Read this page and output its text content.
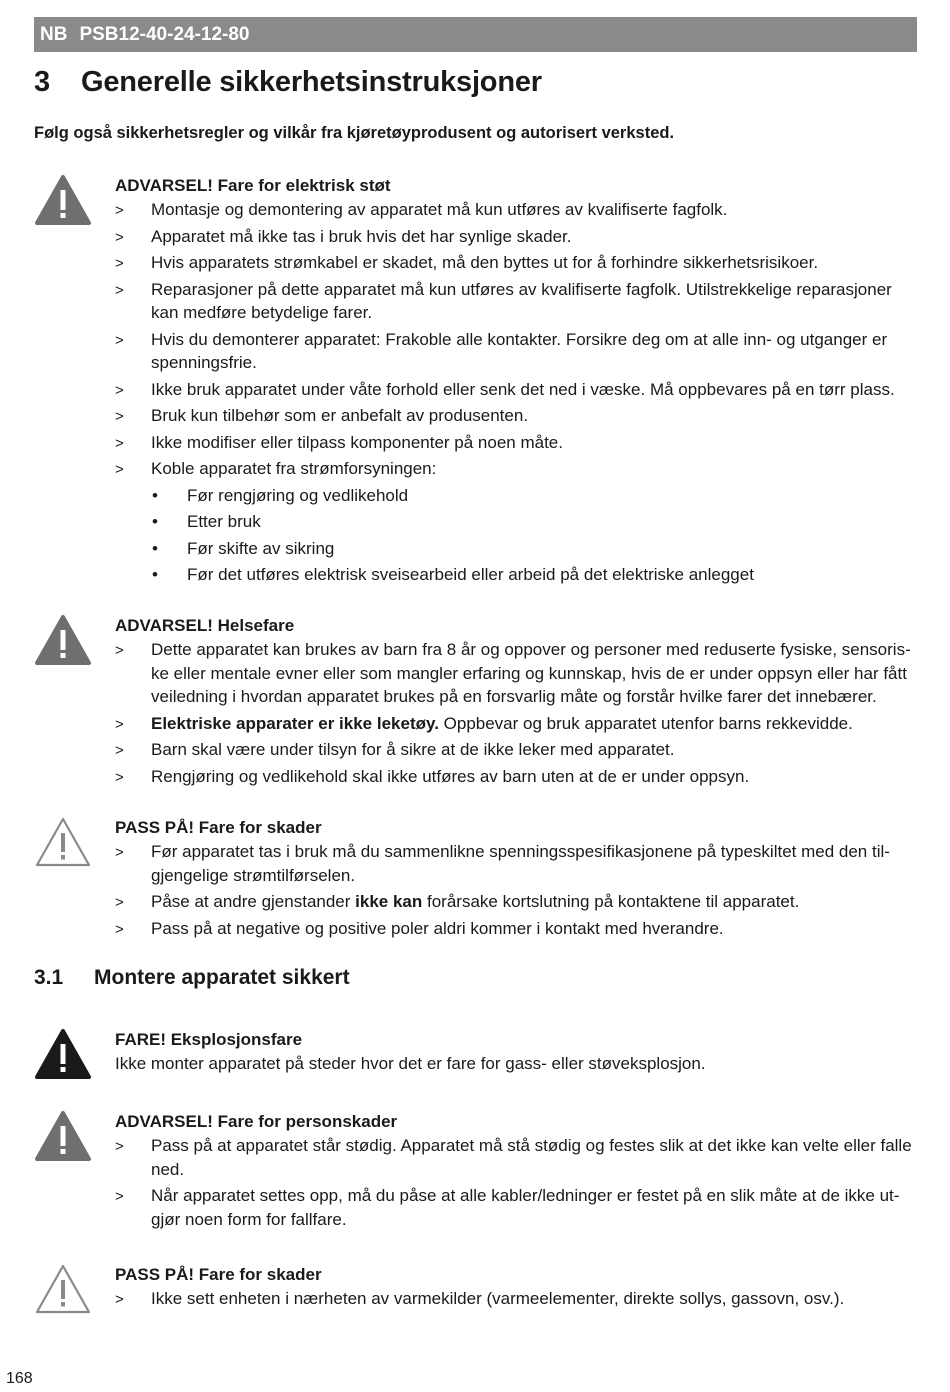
NB PSB12-40-24-12-80
3 Generelle sikkerhetsinstruksjoner

Følg også sikkerhetsregler og vilkår fra kjøretøyprodusent og autorisert verksted.

ADVARSEL! Fare for elektrisk støt
> Montasje og demontering av apparatet må kun utføres av kvalifiserte fagfolk.
> Apparatet må ikke tas i bruk hvis det har synlige skader.
> Hvis apparatets strømkabel er skadet, må den byttes ut for å forhindre sikkerhetsrisikoer.
> Reparasjoner på dette apparatet må kun utføres av kvalifiserte fagfolk. Utilstrekkelige reparasjoner kan medføre betydelige farer.
> Hvis du demonterer apparatet: Frakoble alle kontakter. Forsikre deg om at alle inn- og utganger er spenningsfrie.
> Ikke bruk apparatet under våte forhold eller senk det ned i væske. Må oppbevares på en tørr plass.
> Bruk kun tilbehør som er anbefalt av produsenten.
> Ikke modifiser eller tilpass komponenter på noen måte.
> Koble apparatet fra strømforsyningen:
• Før rengjøring og vedlikehold
• Etter bruk
• Før skifte av sikring
• Før det utføres elektrisk sveisearbeid eller arbeid på det elektriske anlegget
ADVARSEL! Helsefare
> Dette apparatet kan brukes av barn fra 8 år og oppover og personer med reduserte fysiske, sensoriske eller mentale evner eller som mangler erfaring og kunnskap, hvis de er under oppsyn eller har fått veiledning i hvordan apparatet brukes på en forsvarlig måte og forstår hvilke farer det innebærer.
> Elektriske apparater er ikke leketøy. Oppbevar og bruk apparatet utenfor barns rekkevidde.
> Barn skal være under tilsyn for å sikre at de ikke leker med apparatet.
> Rengjøring og vedlikehold skal ikke utføres av barn uten at de er under oppsyn.
PASS PÅ! Fare for skader
> Før apparatet tas i bruk må du sammenlikne spenningsspesifikasjonene på typeskiltet med den tilgjengelige strømtilførselen.
> Påse at andre gjenstander ikke kan forårsake kortslutning på kontaktene til apparatet.
> Pass på at negative og positive poler aldri kommer i kontakt med hverandre.
3.1 Montere apparatet sikkert
FARE! Eksplosjonsfare

Ikke monter apparatet på steder hvor det er fare for gass- eller støveksplosjon.

ADVARSEL! Fare for personskader
> Pass på at apparatet står stødig. Apparatet må stå stødig og festes slik at det ikke kan velte eller falle ned.
> Når apparatet settes opp, må du påse at alle kabler/ledninger er festet på en slik måte at de ikke utgjør noen form for fallfare.
PASS PÅ! Fare for skader
> Ikke sett enheten i nærheten av varmekilder (varmeelementer, direkte sollys, gassovn, osv.).
168
